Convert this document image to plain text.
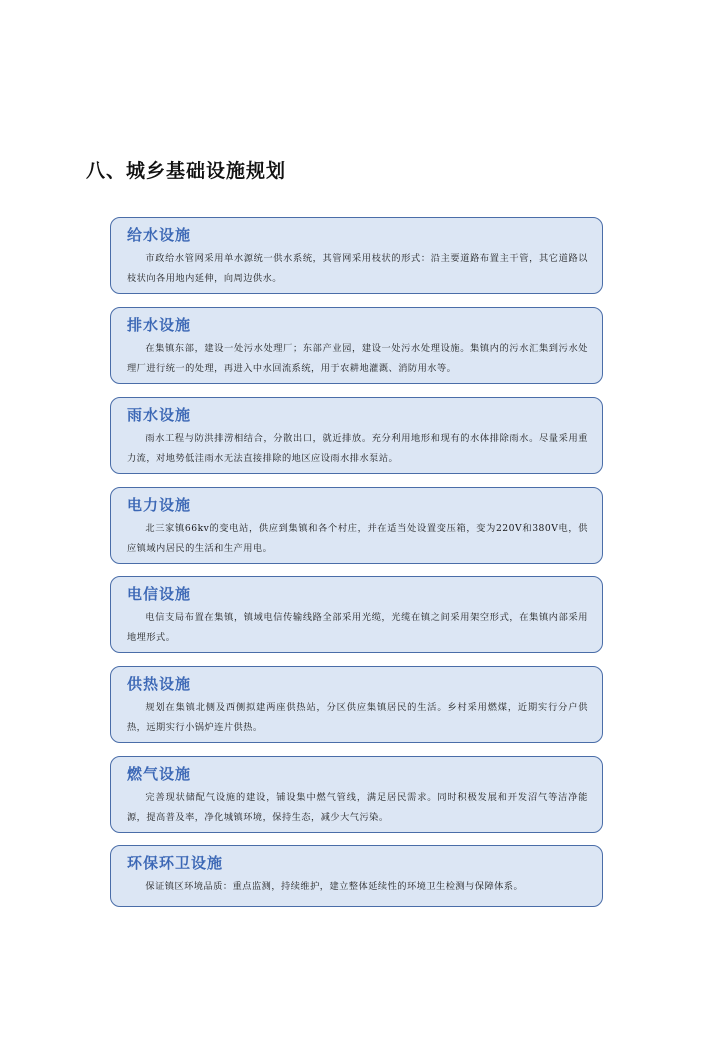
八、城乡基础设施规划
给水设施
市政给水管网采用单水源统一供水系统，其管网采用枝状的形式：沿主要道路布置主干管，其它道路以枝状向各用地内延伸，向周边供水。
排水设施
在集镇东部，建设一处污水处理厂；东部产业园，建设一处污水处理设施。集镇内的污水汇集到污水处理厂进行统一的处理，再进入中水回流系统，用于农耕地灌溉、消防用水等。
雨水设施
雨水工程与防洪排涝相结合，分散出口，就近排放。充分利用地形和现有的水体排除雨水。尽量采用重力流，对地势低洼雨水无法直接排除的地区应设雨水排水泵站。
电力设施
北三家镇66kv的变电站，供应到集镇和各个村庄，并在适当处设置变压箱，变为220V和380V电，供应镇域内居民的生活和生产用电。
电信设施
电信支局布置在集镇，镇域电信传输线路全部采用光缆，光缆在镇之间采用架空形式，在集镇内部采用地埋形式。
供热设施
规划在集镇北侧及西侧拟建两座供热站，分区供应集镇居民的生活。乡村采用燃煤，近期实行分户供热，远期实行小锅炉连片供热。
燃气设施
完善现状储配气设施的建设，铺设集中燃气管线，满足居民需求。同时积极发展和开发沼气等洁净能源，提高普及率，净化城镇环境，保持生态，减少大气污染。
环保环卫设施
保证镇区环境品质：重点监测，持续维护，建立整体延续性的环境卫生检测与保障体系。
